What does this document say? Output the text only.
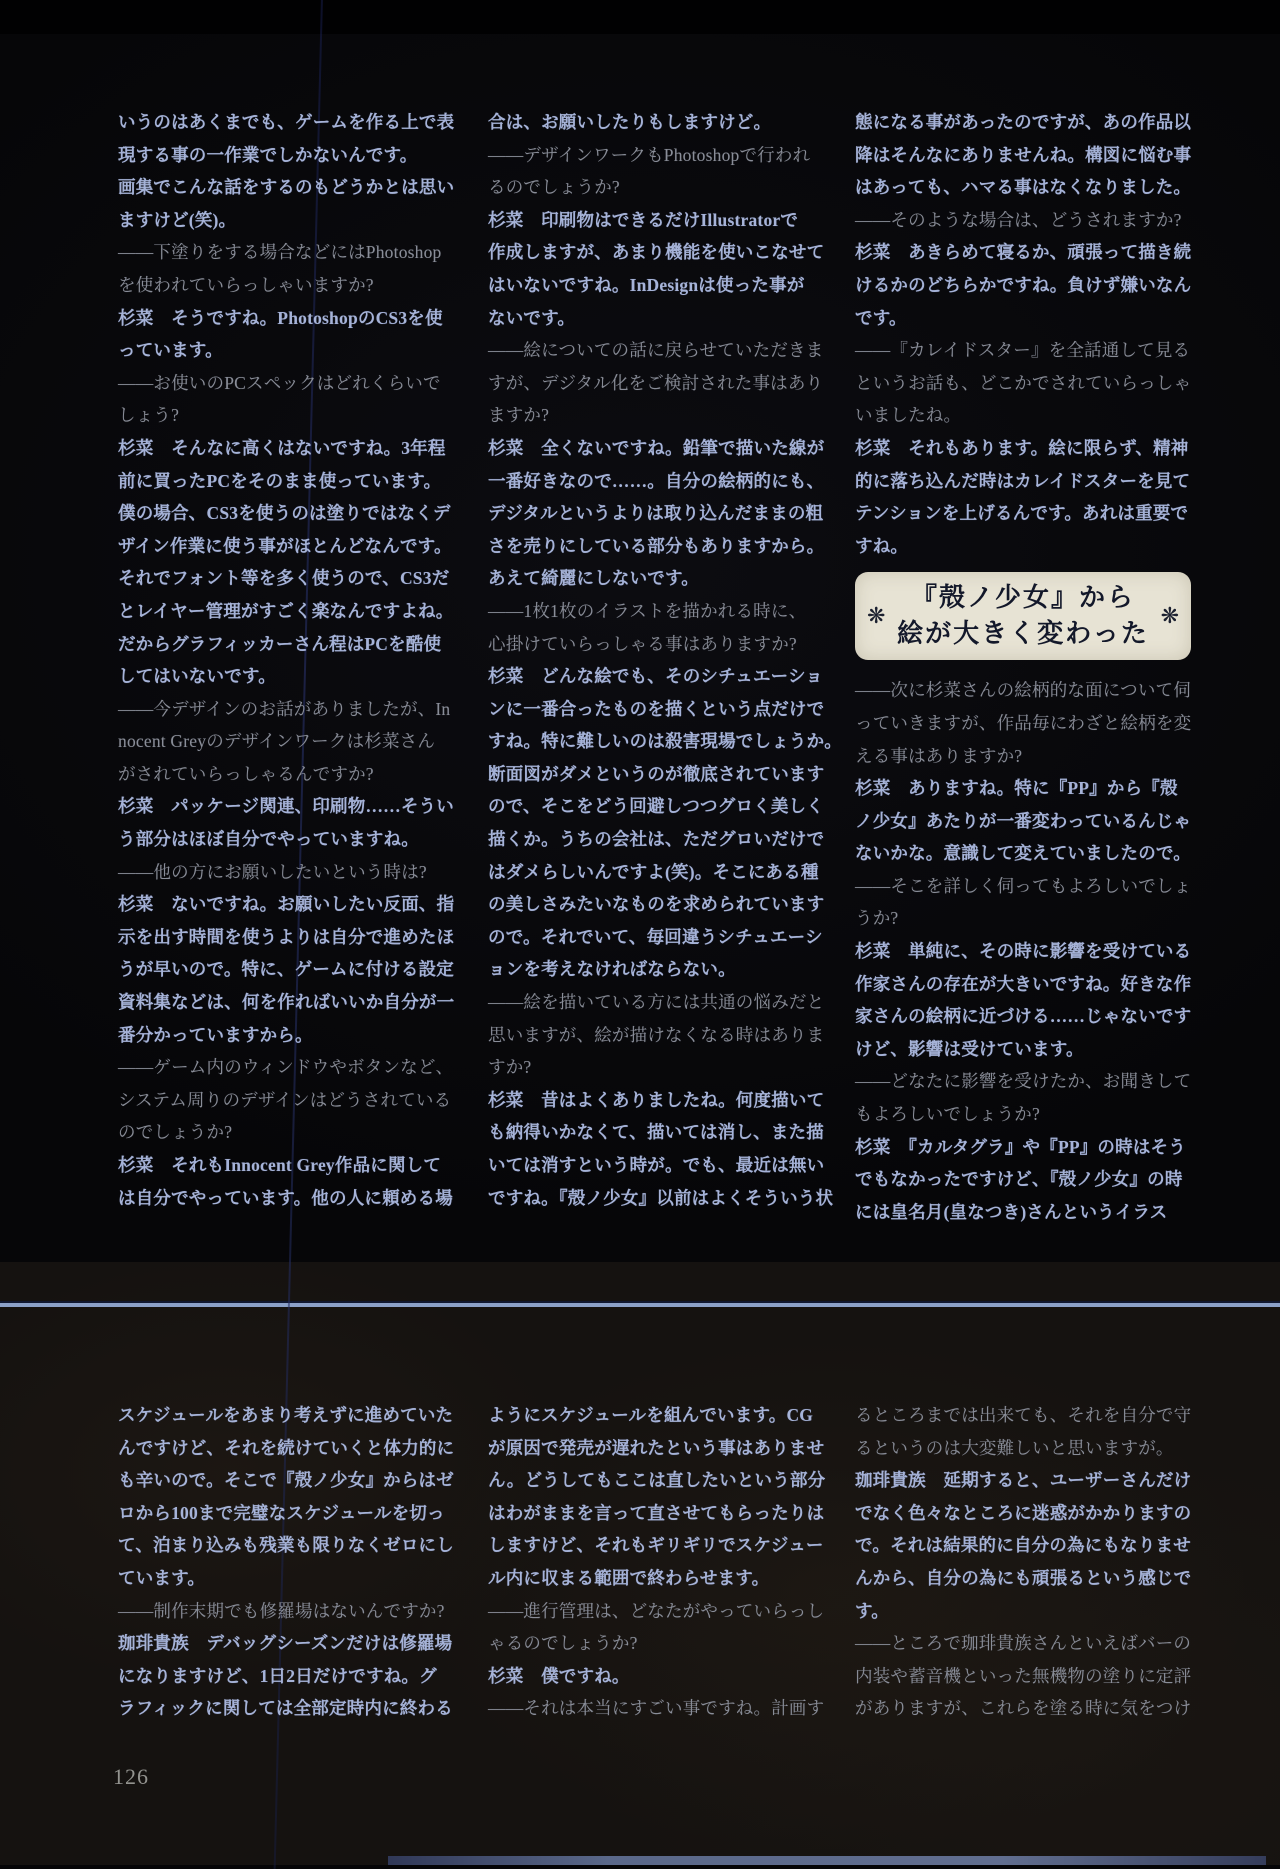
いうのはあくまでも、ゲームを作る上で表
現する事の一作業でしかないんです。
画集でこんな話をするのもどうかとは思い
ますけど(笑)。
――下塗りをする場合などにはPhotoshop
を使われていらっしゃいますか?
杉菜　そうですね。PhotoshopのCS3を使
っています。
――お使いのPCスペックはどれくらいで
しょう?
杉菜　そんなに高くはないですね。3年程
前に買ったPCをそのまま使っています。
僕の場合、CS3を使うのは塗りではなくデ
ザイン作業に使う事がほとんどなんです。
それでフォント等を多く使うので、CS3だ
とレイヤー管理がすごく楽なんですよね。
だからグラフィッカーさん程はPCを酷使
してはいないです。
――今デザインのお話がありましたが、In
nocent Greyのデザインワークは杉菜さん
がされていらっしゃるんですか?
杉菜　パッケージ関連、印刷物……そうい
う部分はほぼ自分でやっていますね。
――他の方にお願いしたいという時は?
杉菜　ないですね。お願いしたい反面、指
示を出す時間を使うよりは自分で進めたほ
うが早いので。特に、ゲームに付ける設定
資料集などは、何を作ればいいか自分が一
番分かっていますから。
――ゲーム内のウィンドウやボタンなど、
システム周りのデザインはどうされている
のでしょうか?
杉菜　それもInnocent Grey作品に関して
は自分でやっています。他の人に頼める場
合は、お願いしたりもしますけど。
――デザインワークもPhotoshopで行われ
るのでしょうか?
杉菜　印刷物はできるだけIllustratorで
作成しますが、あまり機能を使いこなせて
はいないですね。InDesignは使った事が
ないです。
――絵についての話に戻らせていただきま
すが、デジタル化をご検討された事はあり
ますか?
杉菜　全くないですね。鉛筆で描いた線が
一番好きなので……。自分の絵柄的にも、
デジタルというよりは取り込んだままの粗
さを売りにしている部分もありますから。
あえて綺麗にしないです。
――1枚1枚のイラストを描かれる時に、
心掛けていらっしゃる事はありますか?
杉菜　どんな絵でも、そのシチュエーショ
ンに一番合ったものを描くという点だけで
すね。特に難しいのは殺害現場でしょうか。
断面図がダメというのが徹底されています
ので、そこをどう回避しつつグロく美しく
描くか。うちの会社は、ただグロいだけで
はダメらしいんですよ(笑)。そこにある種
の美しさみたいなものを求められています
ので。それでいて、毎回違うシチュエーシ
ョンを考えなければならない。
――絵を描いている方には共通の悩みだと
思いますが、絵が描けなくなる時はありま
すか?
杉菜　昔はよくありましたね。何度描いて
も納得いかなくて、描いては消し、また描
いては消すという時が。でも、最近は無い
ですね。『殻ノ少女』以前はよくそういう状
態になる事があったのですが、あの作品以
降はそんなにありませんね。構図に悩む事
はあっても、ハマる事はなくなりました。
――そのような場合は、どうされますか?
杉菜　あきらめて寝るか、頑張って描き続
けるかのどちらかですね。負けず嫌いなん
です。
――『カレイドスター』を全話通して見る
というお話も、どこかでされていらっしゃ
いましたね。
杉菜　それもあります。絵に限らず、精神
的に落ち込んだ時はカレイドスターを見て
テンションを上げるんです。あれは重要で
すね。
❋
『殻ノ少女』から
絵が大きく変わった
❋
――次に杉菜さんの絵柄的な面について伺
っていきますが、作品毎にわざと絵柄を変
える事はありますか?
杉菜　ありますね。特に『PP』から『殻
ノ少女』あたりが一番変わっているんじゃ
ないかな。意識して変えていましたので。
――そこを詳しく伺ってもよろしいでしょ
うか?
杉菜　単純に、その時に影響を受けている
作家さんの存在が大きいですね。好きな作
家さんの絵柄に近づける……じゃないです
けど、影響は受けています。
――どなたに影響を受けたか、お聞きして
もよろしいでしょうか?
杉菜　『カルタグラ』や『PP』の時はそう
でもなかったですけど、『殻ノ少女』の時
には皇名月(皇なつき)さんというイラス
スケジュールをあまり考えずに進めていた
んですけど、それを続けていくと体力的に
も辛いので。そこで『殻ノ少女』からはゼ
ロから100まで完璧なスケジュールを切っ
て、泊まり込みも残業も限りなくゼロにし
ています。
――制作末期でも修羅場はないんですか?
珈琲貴族　デバッグシーズンだけは修羅場
になりますけど、1日2日だけですね。グ
ラフィックに関しては全部定時内に終わる
ようにスケジュールを組んでいます。CG
が原因で発売が遅れたという事はありませ
ん。どうしてもここは直したいという部分
はわがままを言って直させてもらったりは
しますけど、それもギリギリでスケジュー
ル内に収まる範囲で終わらせます。
――進行管理は、どなたがやっていらっし
ゃるのでしょうか?
杉菜　僕ですね。
――それは本当にすごい事ですね。計画す
るところまでは出来ても、それを自分で守
るというのは大変難しいと思いますが。
珈琲貴族　延期すると、ユーザーさんだけ
でなく色々なところに迷惑がかかりますの
で。それは結果的に自分の為にもなりませ
んから、自分の為にも頑張るという感じで
す。
――ところで珈琲貴族さんといえばバーの
内装や蓄音機といった無機物の塗りに定評
がありますが、これらを塗る時に気をつけ
126
